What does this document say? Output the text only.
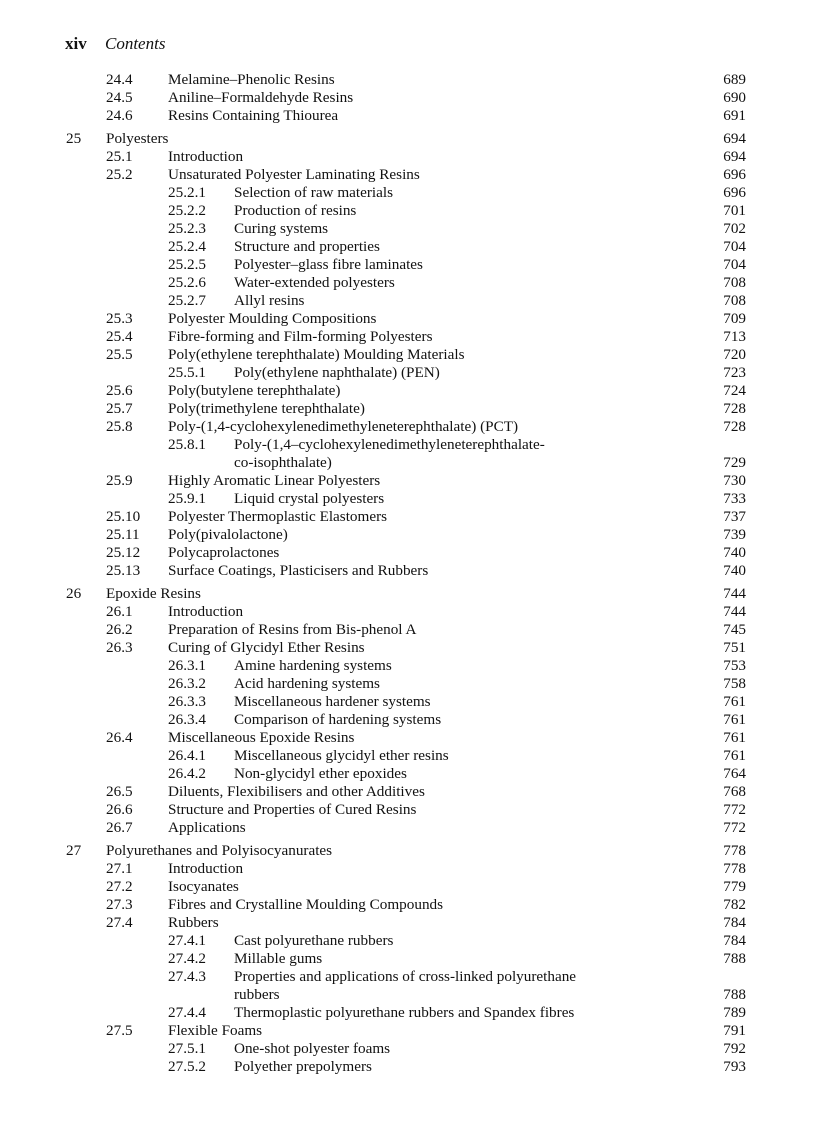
xiv Contents
24.4 Melamine–Phenolic Resins	689
24.5 Aniline–Formaldehyde Resins	690
24.6 Resins Containing Thiourea	691
25 Polyesters	694
25.1 Introduction	694
25.2 Unsaturated Polyester Laminating Resins	696
25.2.1 Selection of raw materials	696
25.2.2 Production of resins	701
25.2.3 Curing systems	702
25.2.4 Structure and properties	704
25.2.5 Polyester–glass fibre laminates	704
25.2.6 Water-extended polyesters	708
25.2.7 Allyl resins	708
25.3 Polyester Moulding Compositions	709
25.4 Fibre-forming and Film-forming Polyesters	713
25.5 Poly(ethylene terephthalate) Moulding Materials	720
25.5.1 Poly(ethylene naphthalate) (PEN)	723
25.6 Poly(butylene terephthalate)	724
25.7 Poly(trimethylene terephthalate)	728
25.8 Poly-(1,4-cyclohexylenedimethyleneterephthalate) (PCT)	728
25.8.1 Poly-(1,4–cyclohexylenedimethyleneterephthalate-
co-isophthalate)	729
25.9 Highly Aromatic Linear Polyesters	730
25.9.1 Liquid crystal polyesters	733
25.10 Polyester Thermoplastic Elastomers	737
25.11 Poly(pivalolactone)	739
25.12 Polycaprolactones	740
25.13 Surface Coatings, Plasticisers and Rubbers	740
26 Epoxide Resins	744
26.1 Introduction	744
26.2 Preparation of Resins from Bis-phenol A	745
26.3 Curing of Glycidyl Ether Resins	751
26.3.1 Amine hardening systems	753
26.3.2 Acid hardening systems	758
26.3.3 Miscellaneous hardener systems	761
26.3.4 Comparison of hardening systems	761
26.4 Miscellaneous Epoxide Resins	761
26.4.1 Miscellaneous glycidyl ether resins	761
26.4.2 Non-glycidyl ether epoxides	764
26.5 Diluents, Flexibilisers and other Additives	768
26.6 Structure and Properties of Cured Resins	772
26.7 Applications	772
27 Polyurethanes and Polyisocyanurates	778
27.1 Introduction	778
27.2 Isocyanates	779
27.3 Fibres and Crystalline Moulding Compounds	782
27.4 Rubbers	784
27.4.1 Cast polyurethane rubbers	784
27.4.2 Millable gums	788
27.4.3 Properties and applications of cross-linked polyurethane
rubbers	788
27.4.4 Thermoplastic polyurethane rubbers and Spandex fibres	789
27.5 Flexible Foams	791
27.5.1 One-shot polyester foams	792
27.5.2 Polyether prepolymers	793
